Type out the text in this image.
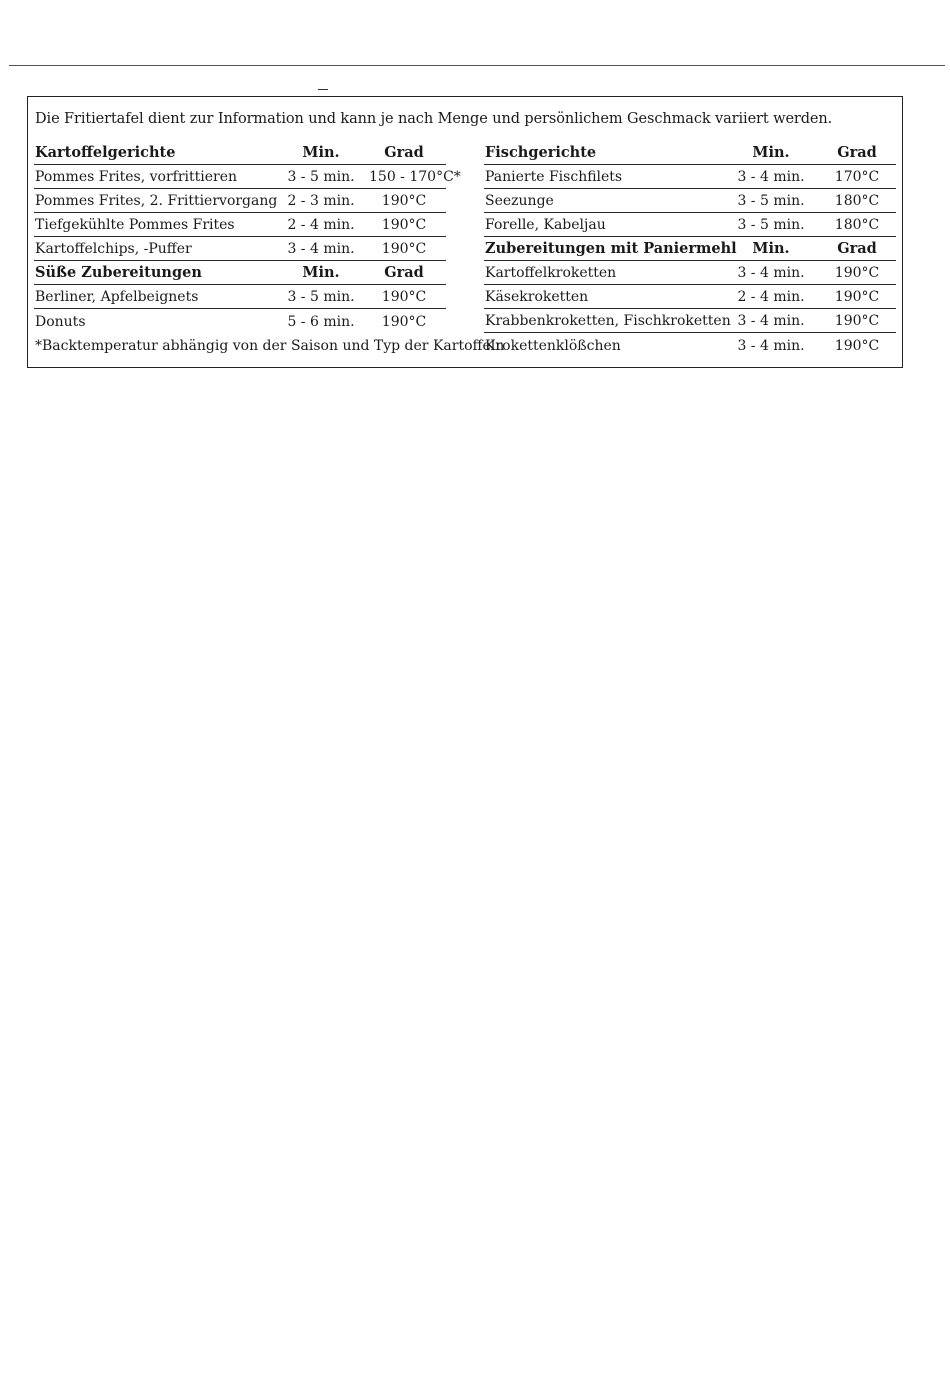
Die Fritiertafel dient zur Information und kann je nach Menge und persönlichem Geschmack variiert werden.
Kartoffelgerichte	Min.	Grad
Pommes Frites, vorfrittieren	3 - 5 min.	150 - 170°C*
Pommes Frites, 2. Frittiervorgang 2 - 3 min.	190°C
Tiefgekühlte Pommes Frites	2 - 4 min.	190°C
Kartoffelchips, -Puffer	3 - 4 min.	190°C
Süße Zubereitungen	Min.	Grad
Berliner, Apfelbeignets	3 - 5 min.	190°C
Donuts	5 - 6 min.	190°C
*Backtemperatur abhängig von der Saison und Typ der Kartoffeln
Fischgerichte	Min.	Grad
Panierte Fischfilets	3 - 4 min.	170°C
Seezunge	3 - 5 min.	180°C
Forelle, Kabeljau	3 - 5 min.	180°C
Zubereitungen mit Paniermehl	Min.	Grad
Kartoffelkroketten	3 - 4 min.	190°C
Käsekroketten	2 - 4 min.	190°C
Krabbenkroketten, Fischkroketten 3 - 4 min.	190°C
Krokettenklößchen	3 - 4 min.	190°C
